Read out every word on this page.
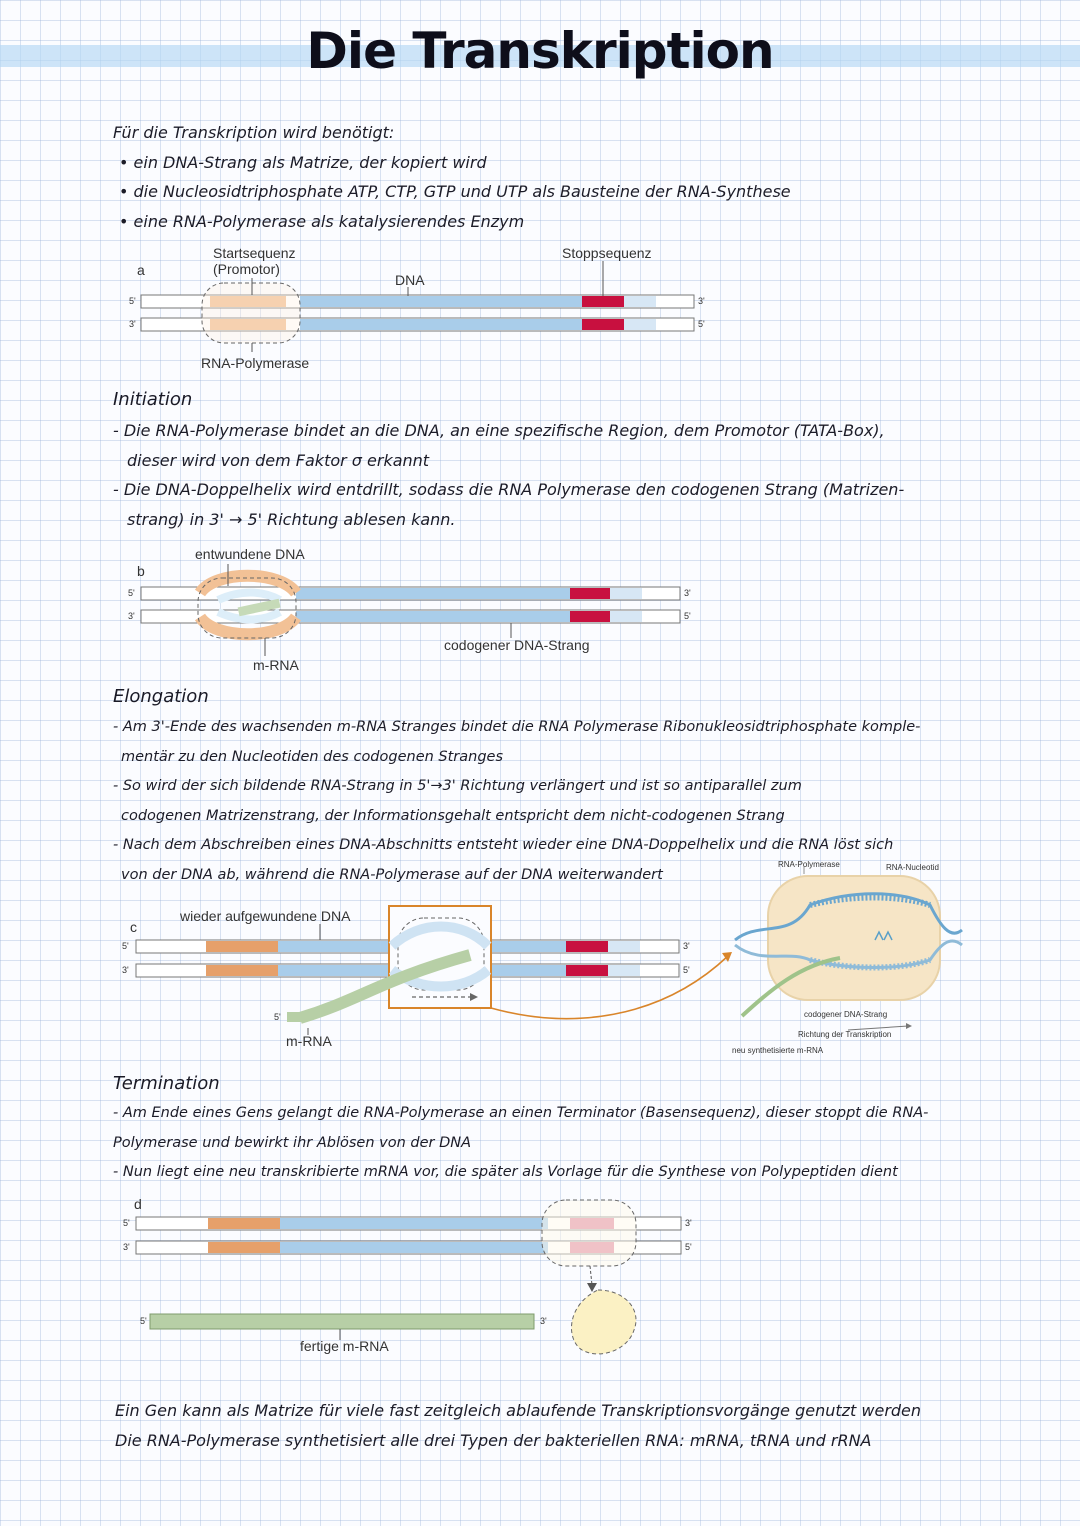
Die Transkription
Für die Transkription wird benötigt:
• ein DNA-Strang als Matrize, der kopiert wird
• die Nucleosidtriphosphate ATP, CTP, GTP und UTP als Bausteine der RNA-Synthese
• eine RNA-Polymerase als katalysierendes Enzym
a
Startsequenz
(Promotor)
DNA
Stoppsequenz
RNA-Polymerase
5'
3'
3'
5'
Initiation
- Die RNA-Polymerase bindet an die DNA, an eine spezifische Region, dem Promotor (TATA-Box),
dieser wird von dem Faktor σ erkannt
- Die DNA-Doppelhelix wird entdrillt, sodass die RNA Polymerase den codogenen Strang (Matrizen-
strang) in 3' → 5' Richtung ablesen kann.
b
entwundene DNA
m-RNA
codogener DNA-Strang
5'
3'
3'
5'
Elongation
- Am 3'-Ende des wachsenden m-RNA Stranges bindet die RNA Polymerase Ribonukleosidtriphosphate komple-
mentär zu den Nucleotiden des codogenen Stranges
- So wird der sich bildende RNA-Strang in 5'→3' Richtung verlängert und ist so antiparallel zum
codogenen Matrizenstrang, der Informationsgehalt entspricht dem nicht-codogenen Strang
- Nach dem Abschreiben eines DNA-Abschnitts entsteht wieder eine DNA-Doppelhelix und die RNA löst sich
von der DNA ab, während die RNA-Polymerase auf der DNA weiterwandert
c
wieder aufgewundene DNA
m-RNA
5'
3'
3'
5'
5'
RNA-Polymerase	RNA-Nucleotid
codogener DNA-Strang
Richtung der Transkription
neu synthetisierte m-RNA
Termination
- Am Ende eines Gens gelangt die RNA-Polymerase an einen Terminator (Basensequenz), dieser stoppt die RNA-
Polymerase und bewirkt ihr Ablösen von der DNA
- Nun liegt eine neu transkribierte mRNA vor, die später als Vorlage für die Synthese von Polypeptiden dient
d
5'
3'
3'
5'
5'	3'
fertige m-RNA
Ein Gen kann als Matrize für viele fast zeitgleich ablaufende Transkriptionsvorgänge genutzt werden
Die RNA-Polymerase synthetisiert alle drei Typen der bakteriellen RNA: mRNA, tRNA und rRNA
